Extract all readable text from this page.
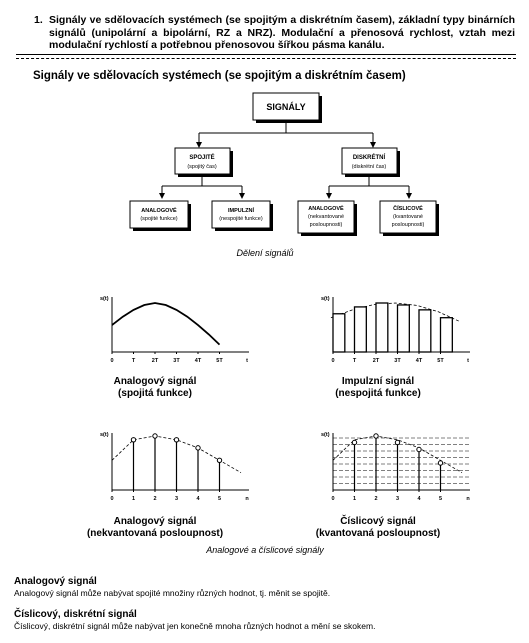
1. Signály ve sdělovacích systémech (se spojitým a diskrétním časem), základní typy binárních signálů (unipolární a bipolární, RZ a NRZ). Modulační a přenosová rychlost, vztah mezi modulační rychlostí a potřebnou přenosovou šířkou pásma kanálu.
Signály ve sdělovacích systémech (se spojitým a diskrétním časem)
SIGNÁLY
SPOJITÉ
(spojitý čas)
DISKRÉTNÍ
(diskrétní čas)
ANALOGOVÉ
(spojité funkce)
IMPULZNÍ
(nespojité funkce)
ANALOGOVÉ
(nekvantované
posloupnosti)
ČÍSLICOVÉ
(kvantované
posloupnosti)
s(t)
0	T	2T	3T	4T	5T	t
s(t)
0	T	2T	3T	4T	5T	t
s(t)
0	1	2	3	4	5	n
s(t)
0	1	2	3	4	5	n
Dělení signálů
Analogový signál
(spojitá funkce)
Impulzní signál
(nespojitá funkce)
Analogový signál
(nekvantovaná posloupnost)
Číslicový signál
(kvantovaná posloupnost)
Analogové a číslicové signály
Analogový signál
Analogový signál může nabývat spojité množiny různých hodnot, tj. měnit se spojitě.
Číslicový, diskrétní signál
Číslicový, diskrétní signál může nabývat jen konečně mnoha různých hodnot a mění se skokem.
